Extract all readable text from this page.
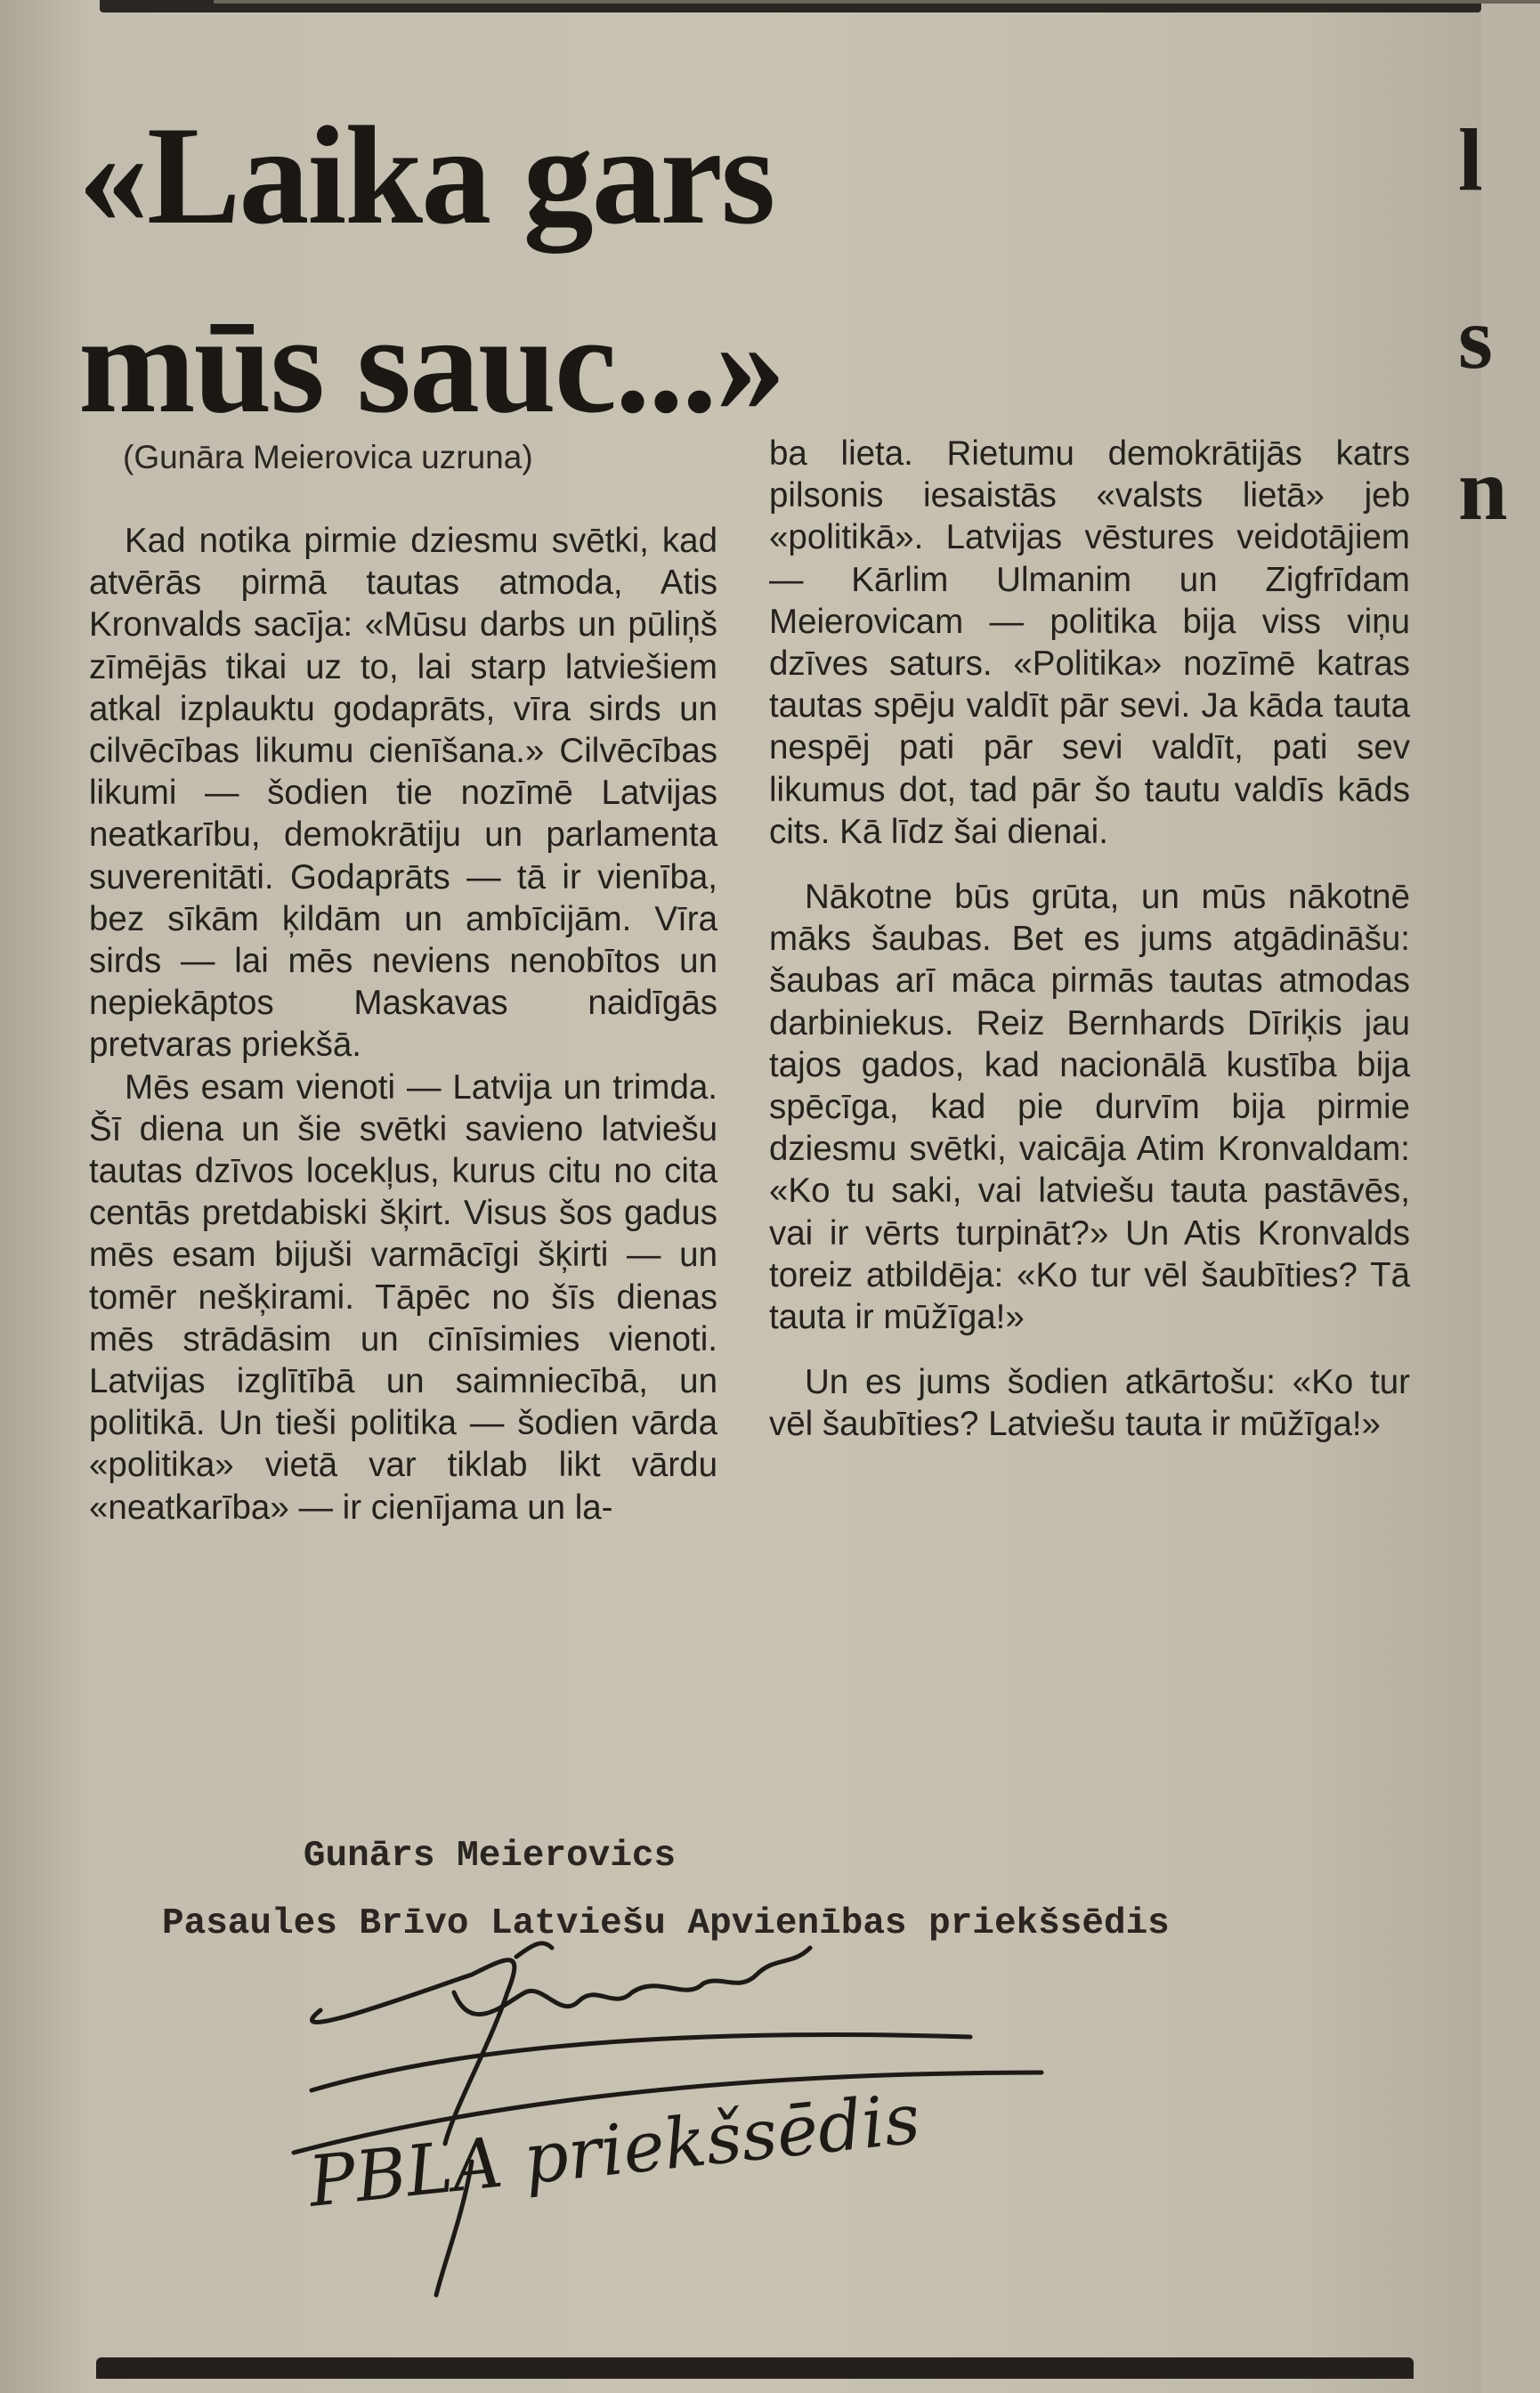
«Laika gars
mūs sauc...»
(Gunāra Meierovica uzruna)

Kad notika pirmie dziesmu svētki, kad atvērās pirmā tautas atmoda, Atis Kronvalds sacīja: «Mūsu darbs un pūliņš zīmējās tikai uz to, lai starp latviešiem atkal izplauktu godaprāts, vīra sirds un cilvēcības likumu cienīšana.» Cilvēcības likumi — šodien tie nozīmē Latvijas neatkarību, demokrātiju un parlamenta suverenitāti. Godaprāts — tā ir vienība, bez sīkām ķildām un ambīcijām. Vīra sirds — lai mēs neviens nenobītos un nepiekāptos Maskavas naidīgās pretvaras priekšā.

Mēs esam vienoti — Latvija un trimda. Šī diena un šie svētki savieno latviešu tautas dzīvos locekļus, kurus citu no cita centās pretdabiski šķirt. Visus šos gadus mēs esam bijuši varmācīgi šķirti — un tomēr nešķirami. Tāpēc no šīs dienas mēs strādāsim un cīnīsimies vienoti. Latvijas izglītībā un saimniecībā, un politikā. Un tieši politika — šodien vārda «politika» vietā var tiklab likt vārdu «neatkarība» — ir cienījama un la-

ba lieta. Rietumu demokrātijās katrs pilsonis iesaistās «valsts lietā» jeb «politikā». Latvijas vēstures veidotājiem — Kārlim Ulmanim un Zigfrīdam Meierovicam — politika bija viss viņu dzīves saturs. «Politika» nozīmē katras tautas spēju valdīt pār sevi. Ja kāda tauta nespēj pati pār sevi valdīt, pati sev likumus dot, tad pār šo tautu valdīs kāds cits. Kā līdz šai dienai.

Nākotne būs grūta, un mūs nākotnē māks šaubas. Bet es jums atgādināšu: šaubas arī māca pirmās tautas atmodas darbiniekus. Reiz Bernhards Dīriķis jau tajos gados, kad nacionālā kustība bija spēcīga, kad pie durvīm bija pirmie dziesmu svētki, vaicāja Atim Kronvaldam: «Ko tu saki, vai latviešu tauta pastāvēs, vai ir vērts turpināt?» Un Atis Kronvalds toreiz atbildēja: «Ko tur vēl šaubīties? Tā tauta ir mūžīga!»

Un es jums šodien atkārtošu: «Ko tur vēl šaubīties? Latviešu tauta ir mūžīga!»

Gunārs Meierovics
Pasaules Brīvo Latviešu Apvienības priekšsēdis
PBLA priekšsēdis
l
s
n
